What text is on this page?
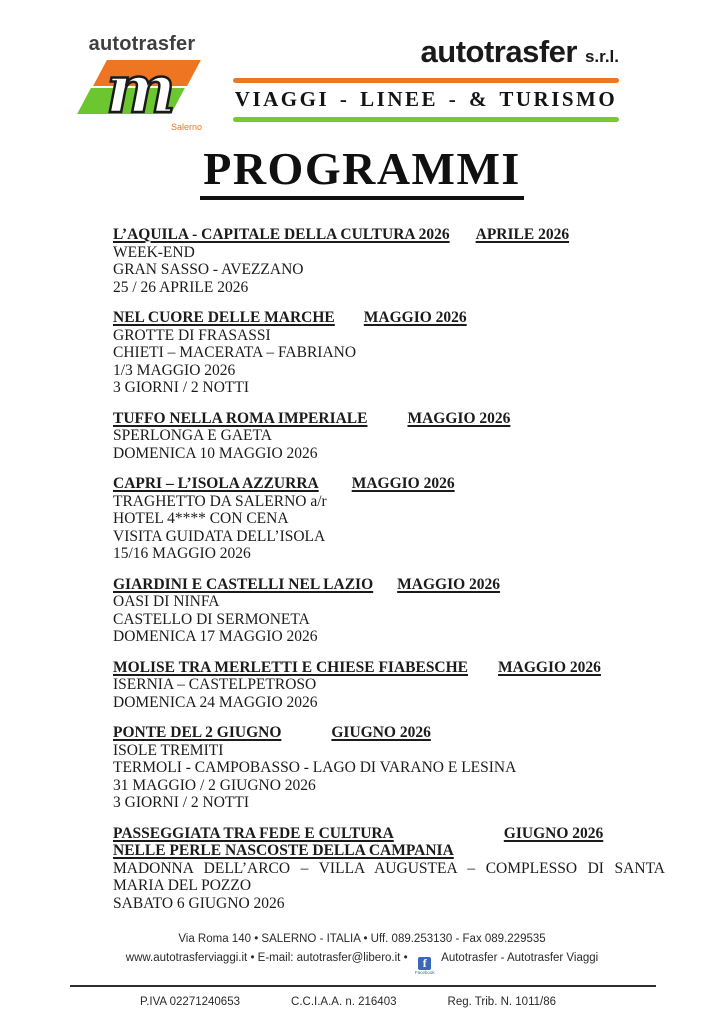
autotrasfer
m
Salerno
autotrasfer s.r.l.
VIAGGI - LINEE - & TURISMO
PROGRAMMI
L’AQUILA - CAPITALE DELLA CULTURA 2026 APRILE 2026
WEEK-END
GRAN SASSO - AVEZZANO
25 / 26 APRILE 2026
NEL CUORE DELLE MARCHE MAGGIO 2026
GROTTE DI FRASASSI
CHIETI – MACERATA – FABRIANO
1/3 MAGGIO 2026
3 GIORNI / 2 NOTTI
TUFFO NELLA ROMA IMPERIALE	MAGGIO 2026
SPERLONGA E GAETA
DOMENICA 10 MAGGIO 2026
CAPRI – L’ISOLA AZZURRA MAGGIO 2026
TRAGHETTO DA SALERNO a/r
HOTEL 4**** CON CENA
VISITA GUIDATA DELL’ISOLA
15/16 MAGGIO 2026
GIARDINI E CASTELLI NEL LAZIO MAGGIO 2026
OASI DI NINFA
CASTELLO DI SERMONETA
DOMENICA 17 MAGGIO 2026
MOLISE TRA MERLETTI E CHIESE FIABESCHE MAGGIO 2026
ISERNIA – CASTELPETROSO
DOMENICA 24 MAGGIO 2026
PONTE DEL 2 GIUGNO	GIUGNO 2026
ISOLE TREMITI
TERMOLI - CAMPOBASSO - LAGO DI VARANO E LESINA
31 MAGGIO / 2 GIUGNO 2026
3 GIORNI / 2 NOTTI
PASSEGGIATA TRA FEDE E CULTURA	GIUGNO 2026
NELLE PERLE NASCOSTE DELLA CAMPANIA
MADONNA DELL’ARCO – VILLA AUGUSTEA – COMPLESSO DI SANTA MARIA DEL POZZO
SABATO 6 GIUGNO 2026
Via Roma 140 • SALERNO - ITALIA • Uff. 089.253130 - Fax 089.229535
www.autotrasferviaggi.it • E-mail: autotrasfer@libero.it •	f
Facebook
Autotrasfer - Autotrasfer Viaggi
P.IVA 02271240653	C.C.I.A.A. n. 216403	Reg. Trib. N. 1011/86
